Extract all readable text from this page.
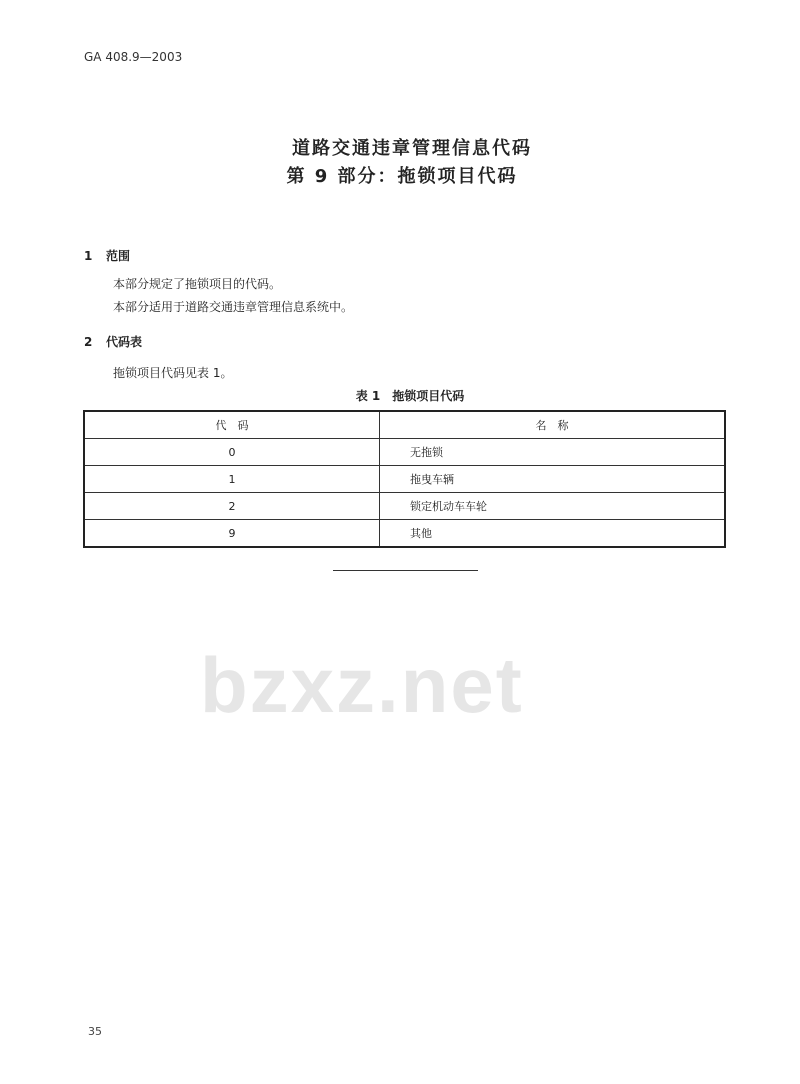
GA 408.9—2003
道路交通违章管理信息代码
第 9 部分：拖锁项目代码
1 范围
本部分规定了拖锁项目的代码。
本部分适用于道路交通违章管理信息系统中。
2 代码表
拖锁项目代码见表 1。
表 1　拖锁项目代码
代　码	名　称
0	无拖锁
1	拖曳车辆
2	锁定机动车车轮
9	其他
bzxz.net
35
